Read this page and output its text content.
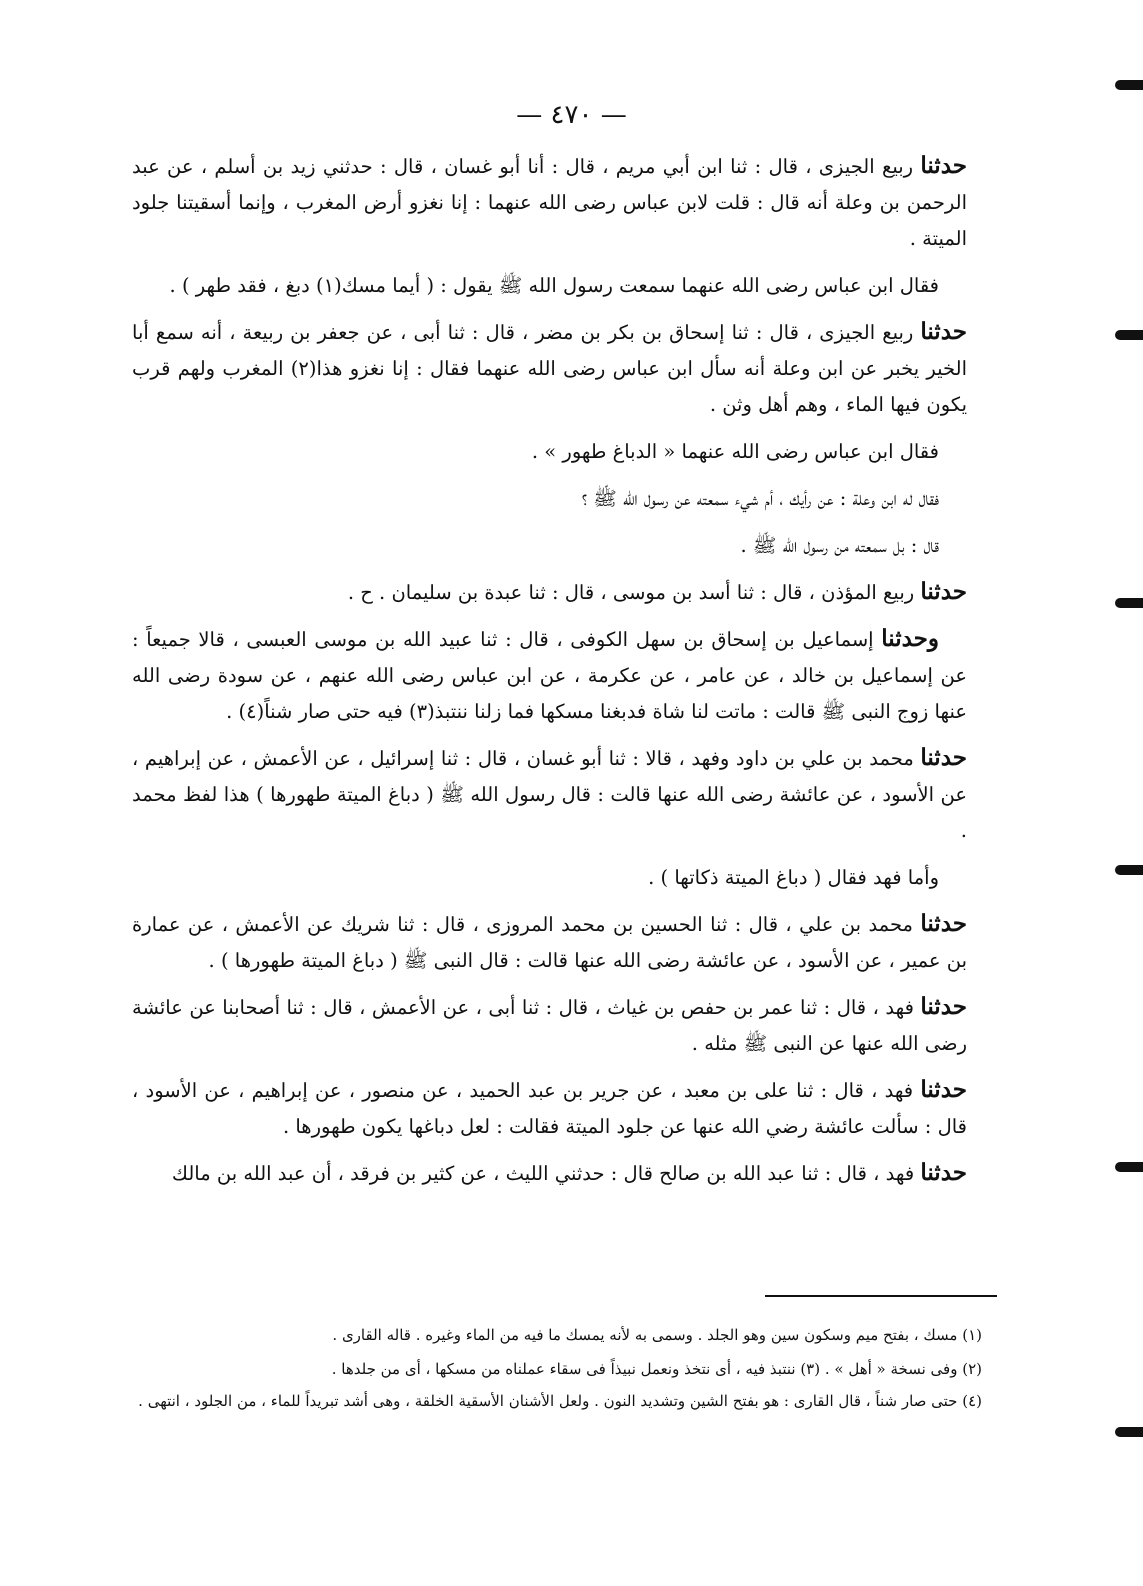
— ٤٧٠ —

حدثنا ربيع الجيزى ، قال : ثنا ابن أبي مريم ، قال : أنا أبو غسان ، قال : حدثني زيد بن أسلم ، عن عبد الرحمن بن وعلة أنه قال : قلت لابن عباس رضى الله عنهما : إنا نغزو أرض المغرب ، وإنما أسقيتنا جلود الميتة .

فقال ابن عباس رضى الله عنهما سمعت رسول الله ﷺ يقول : ( أيما مسك(١) دبغ ، فقد طهر ) .

حدثنا ربيع الجيزى ، قال : ثنا إسحاق بن بكر بن مضر ، قال : ثنا أبى ، عن جعفر بن ربيعة ، أنه سمع أبا الخير يخبر عن ابن وعلة أنه سأل ابن عباس رضى الله عنهما فقال : إنا نغزو هذا(٢) المغرب ولهم قرب يكون فيها الماء ، وهم أهل وثن .

فقال ابن عباس رضى الله عنهما « الدباغ طهور » .

فقال له ابن وعلة : عن رأيك ، أم شيء سمعته عن رسول الله ﷺ ؟

قال : بل سمعته من رسول الله ﷺ .

حدثنا ربيع المؤذن ، قال : ثنا أسد بن موسى ، قال : ثنا عبدة بن سليمان . ح .

وحدثنا إسماعيل بن إسحاق بن سهل الكوفى ، قال : ثنا عبيد الله بن موسى العبسى ، قالا جميعاً : عن إسماعيل بن خالد ، عن عامر ، عن عكرمة ، عن ابن عباس رضى الله عنهم ، عن سودة رضى الله عنها زوج النبى ﷺ قالت : ماتت لنا شاة فدبغنا مسكها فما زلنا ننتبذ(٣) فيه حتى صار شناً(٤) .

حدثنا محمد بن علي بن داود وفهد ، قالا : ثنا أبو غسان ، قال : ثنا إسرائيل ، عن الأعمش ، عن إبراهيم ، عن الأسود ، عن عائشة رضى الله عنها قالت : قال رسول الله ﷺ ( دباغ الميتة طهورها ) هذا لفظ محمد .

وأما فهد فقال ( دباغ الميتة ذكاتها ) .

حدثنا محمد بن علي ، قال : ثنا الحسين بن محمد المروزى ، قال : ثنا شريك عن الأعمش ، عن عمارة بن عمير ، عن الأسود ، عن عائشة رضى الله عنها قالت : قال النبى ﷺ ( دباغ الميتة طهورها ) .

حدثنا فهد ، قال : ثنا عمر بن حفص بن غياث ، قال : ثنا أبى ، عن الأعمش ، قال : ثنا أصحابنا عن عائشة رضى الله عنها عن النبى ﷺ مثله .

حدثنا فهد ، قال : ثنا على بن معبد ، عن جرير بن عبد الحميد ، عن منصور ، عن إبراهيم ، عن الأسود ، قال : سألت عائشة رضي الله عنها عن جلود الميتة فقالت : لعل دباغها يكون طهورها .

حدثنا فهد ، قال : ثنا عبد الله بن صالح قال : حدثني الليث ، عن كثير بن فرقد ، أن عبد الله بن مالك

(١) مسك ، بفتح ميم وسكون سين وهو الجلد . وسمى به لأنه يمسك ما فيه من الماء وغيره . قاله القارى .

(٢) وفى نسخة « أهل » . (٣) ننتبذ فيه ، أى نتخذ ونعمل نبيذاً فى سقاء عملناه من مسكها ، أى من جلدها .

(٤) حتى صار شناً ، قال القارى : هو بفتح الشين وتشديد النون . ولعل الأشنان الأسقية الخلقة ، وهى أشد تبريداً للماء ، من الجلود ، انتهى .
